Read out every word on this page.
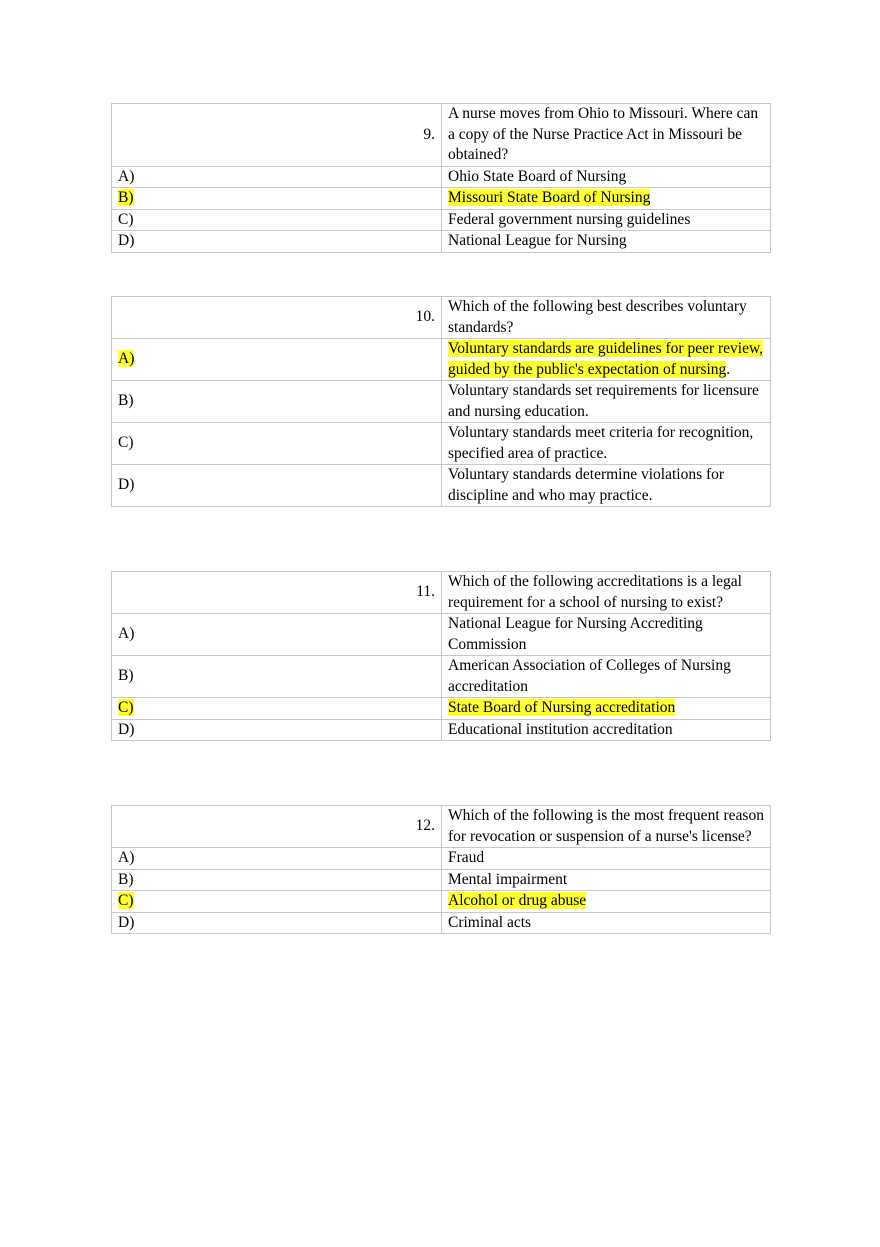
9.	A nurse moves from Ohio to Missouri. Where can a copy of the Nurse Practice Act in Missouri be obtained?
A)	Ohio State Board of Nursing
B)	Missouri State Board of Nursing
C)	Federal government nursing guidelines
D)	National League for Nursing
10.	Which of the following best describes voluntary standards?
A)	Voluntary standards are guidelines for peer review, guided by the public's expectation of nursing.
B)	Voluntary standards set requirements for licensure and nursing education.
C)	Voluntary standards meet criteria for recognition, specified area of practice.
D)	Voluntary standards determine violations for discipline and who may practice.
11.	Which of the following accreditations is a legal requirement for a school of nursing to exist?
A)	National League for Nursing Accrediting Commission
B)	American Association of Colleges of Nursing accreditation
C)	State Board of Nursing accreditation
D)	Educational institution accreditation
12.	Which of the following is the most frequent reason for revocation or suspension of a nurse's license?
A)	Fraud
B)	Mental impairment
C)	Alcohol or drug abuse
D)	Criminal acts
